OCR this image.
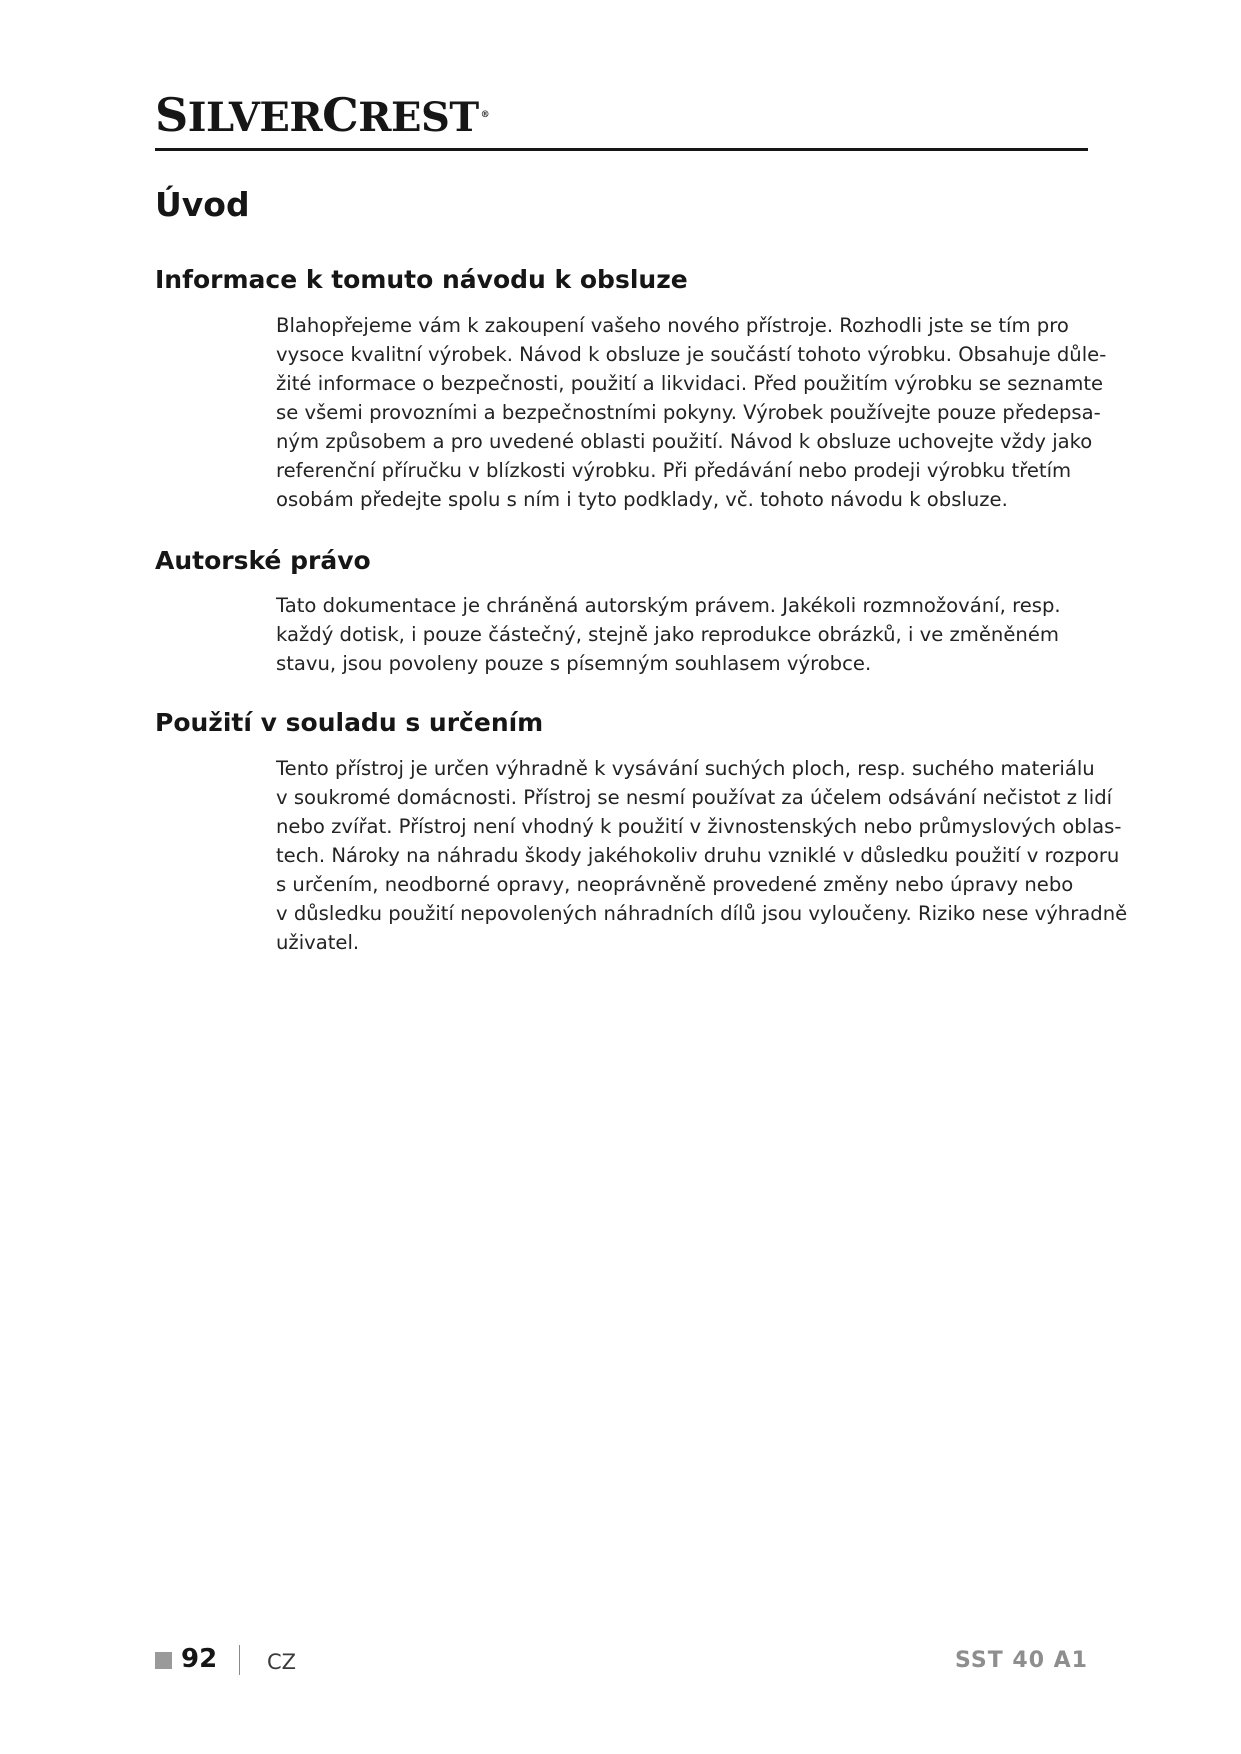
SILVERCREST ®
Úvod
Informace k tomuto návodu k obsluze
Blahopřejeme vám k zakoupení vašeho nového přístroje. Rozhodli jste se tím pro
vysoce kvalitní výrobek. Návod k obsluze je součástí tohoto výrobku. Obsahuje důle-
žité informace o bezpečnosti, použití a likvidaci. Před použitím výrobku se seznamte
se všemi provozními a bezpečnostními pokyny. Výrobek používejte pouze předepsa-
ným způsobem a pro uvedené oblasti použití. Návod k obsluze uchovejte vždy jako
referenční příručku v blízkosti výrobku. Při předávání nebo prodeji výrobku třetím
osobám předejte spolu s ním i tyto podklady, vč. tohoto návodu k obsluze.
Autorské právo
Tato dokumentace je chráněná autorským právem. Jakékoli rozmnožování, resp.
každý dotisk, i pouze částečný, stejně jako reprodukce obrázků, i ve změněném
stavu, jsou povoleny pouze s písemným souhlasem výrobce.
Použití v souladu s určením
Tento přístroj je určen výhradně k vysávání suchých ploch, resp. suchého materiálu
v soukromé domácnosti. Přístroj se nesmí používat za účelem odsávání nečistot z lidí
nebo zvířat. Přístroj není vhodný k použití v živnostenských nebo průmyslových oblas-
tech. Nároky na náhradu škody jakéhokoliv druhu vzniklé v důsledku použití v rozporu
s určením, neodborné opravy, neoprávněně provedené změny nebo úpravy nebo
v důsledku použití nepovolených náhradních dílů jsou vyloučeny. Riziko nese výhradně
uživatel.
92 CZ	SST 40 A1
